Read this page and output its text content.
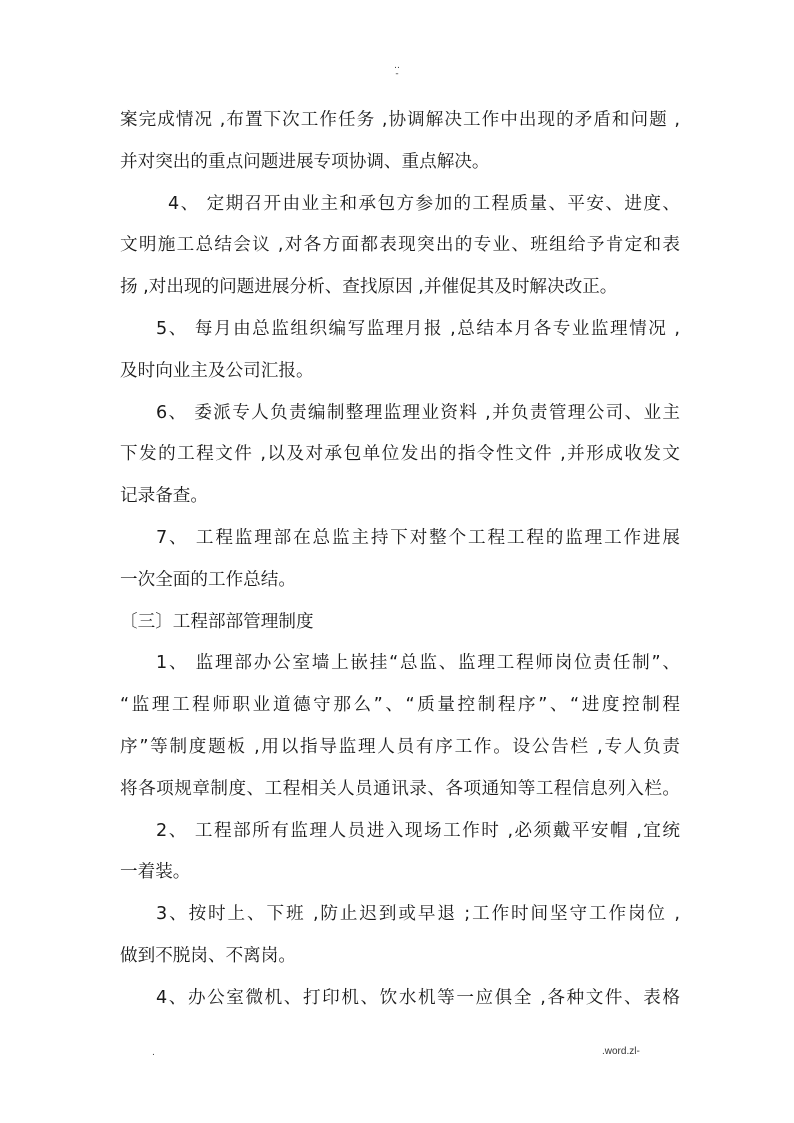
..
-
案完成情况 ,布置下次工作任务 ,协调解决工作中出现的矛盾和问题 ,
并对突出的重点问题进展专项协调、重点解决。
4、 定期召开由业主和承包方参加的工程质量、平安、进度、
文明施工总结会议 ,对各方面都表现突出的专业、班组给予肯定和表
扬 ,对出现的问题进展分析、查找原因 ,并催促其及时解决改正。
5、 每月由总监组织编写监理月报 ,总结本月各专业监理情况 ,
及时向业主及公司汇报。
6、 委派专人负责编制整理监理业资料 ,并负责管理公司、业主
下发的工程文件 ,以及对承包单位发出的指令性文件 ,并形成收发文
记录备查。
7、 工程监理部在总监主持下对整个工程工程的监理工作进展
一次全面的工作总结。
〔三〕工程部部管理制度
1、 监理部办公室墙上嵌挂“总监、监理工程师岗位责任制”、
“监理工程师职业道德守那么”、“质量控制程序”、“进度控制程
序”等制度题板 ,用以指导监理人员有序工作。设公告栏 ,专人负责
将各项规章制度、工程相关人员通讯录、各项通知等工程信息列入栏。
2、 工程部所有监理人员进入现场工作时 ,必须戴平安帽 ,宜统
一着装。
3、按时上、下班 ,防止迟到或早退 ;工作时间坚守工作岗位 ,
做到不脱岗、不离岗。
4、办公室微机、打印机、饮水机等一应俱全 ,各种文件、表格
.	.word.zl-
